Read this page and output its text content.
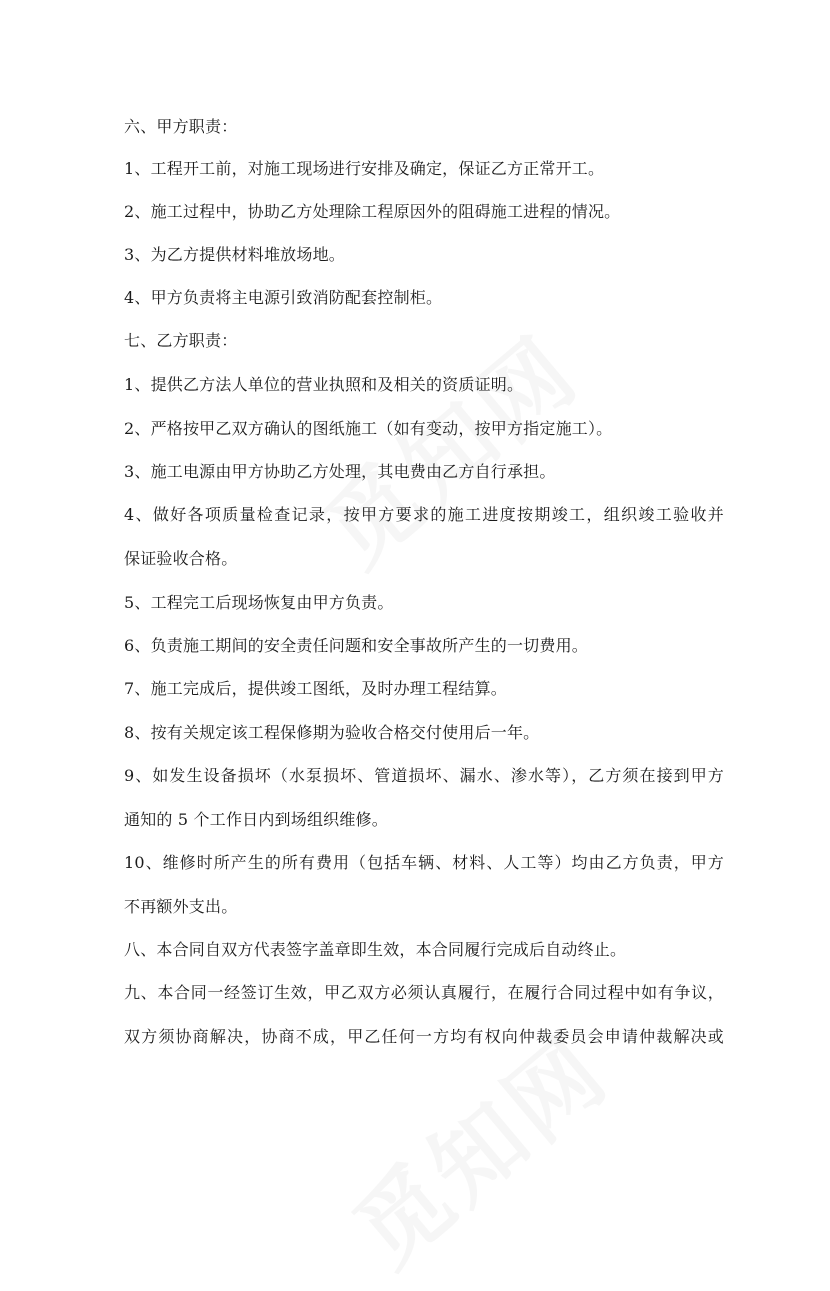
六、甲方职责：
1、工程开工前，对施工现场进行安排及确定，保证乙方正常开工。
2、施工过程中，协助乙方处理除工程原因外的阻碍施工进程的情况。
3、为乙方提供材料堆放场地。
4、甲方负责将主电源引致消防配套控制柜。
七、乙方职责：
1、提供乙方法人单位的营业执照和及相关的资质证明。
2、严格按甲乙双方确认的图纸施工（如有变动，按甲方指定施工）。
3、施工电源由甲方协助乙方处理，其电费由乙方自行承担。
4、做好各项质量检查记录，按甲方要求的施工进度按期竣工，组织竣工验收并
保证验收合格。
5、工程完工后现场恢复由甲方负责。
6、负责施工期间的安全责任问题和安全事故所产生的一切费用。
7、施工完成后，提供竣工图纸，及时办理工程结算。
8、按有关规定该工程保修期为验收合格交付使用后一年。
9、如发生设备损坏（水泵损坏、管道损坏、漏水、渗水等），乙方须在接到甲方
通知的 5 个工作日内到场组织维修。
10、维修时所产生的所有费用（包括车辆、材料、人工等）均由乙方负责，甲方
不再额外支出。
八、本合同自双方代表签字盖章即生效，本合同履行完成后自动终止。
九、本合同一经签订生效，甲乙双方必须认真履行，在履行合同过程中如有争议，
双方须协商解决，协商不成，甲乙任何一方均有权向仲裁委员会申请仲裁解决或
